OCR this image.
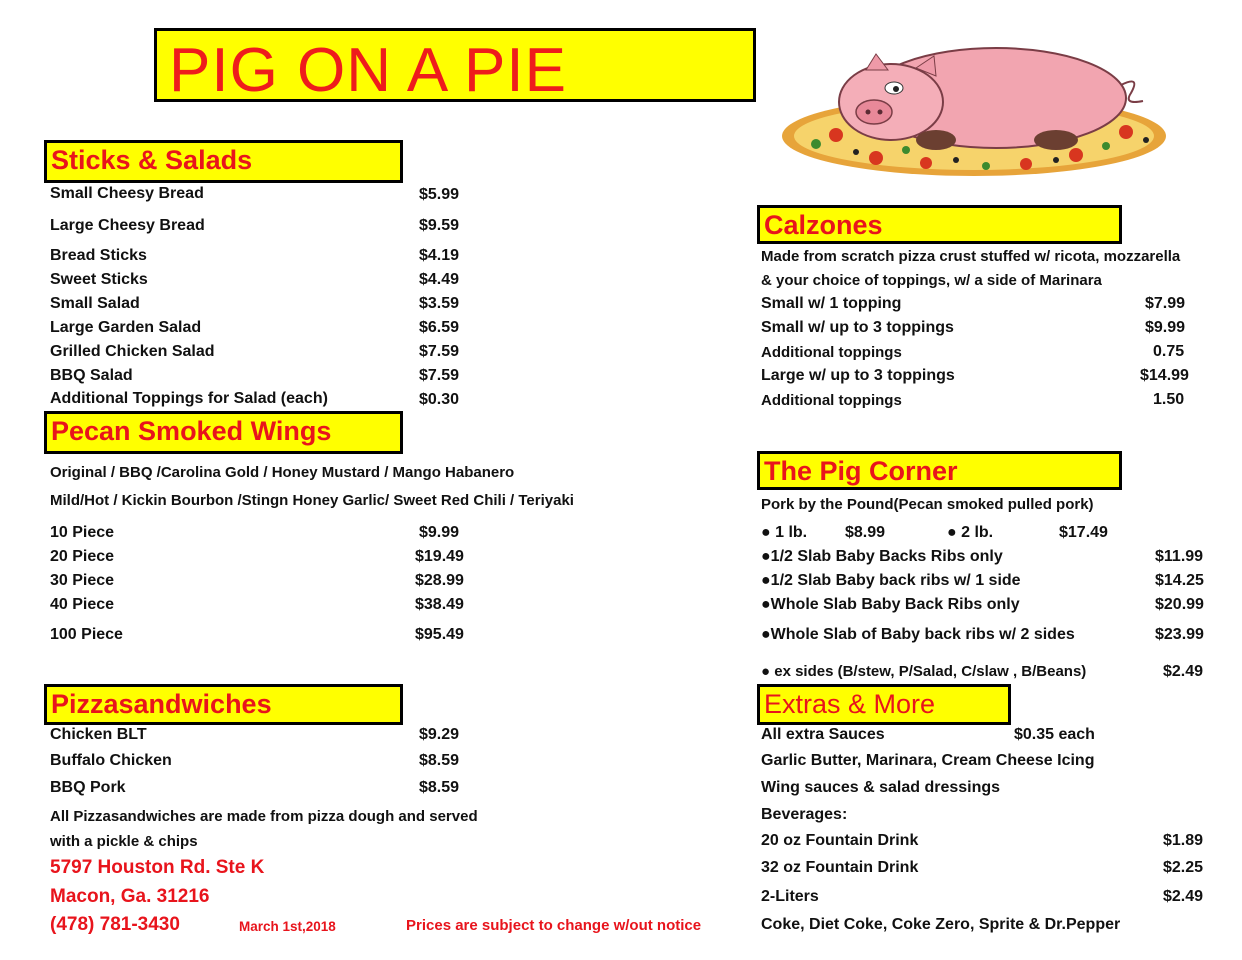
PIG ON A PIE
Sticks & Salads
Small Cheesy Bread	$5.99
Large Cheesy Bread	$9.59
Bread Sticks	$4.19
Sweet Sticks	$4.49
Small Salad	$3.59
Large Garden Salad	$6.59
Grilled Chicken Salad	$7.59
BBQ Salad	$7.59
Additional Toppings for Salad (each)	$0.30
Pecan Smoked Wings
Original / BBQ /Carolina Gold / Honey Mustard / Mango Habanero
Mild/Hot / Kickin Bourbon /Stingn Honey Garlic/ Sweet Red Chili / Teriyaki
10 Piece	$9.99
20 Piece	$19.49
30 Piece	$28.99
40 Piece	$38.49
100 Piece	$95.49
Pizzasandwiches
Chicken BLT	$9.29
Buffalo Chicken	$8.59
BBQ Pork	$8.59
All Pizzasandwiches are made from pizza dough and served
with a pickle & chips
5797 Houston Rd. Ste K
Macon, Ga. 31216
(478) 781-3430	March 1st,2018	Prices are subject to change w/out notice
Calzones
Made from scratch pizza crust stuffed w/ ricota, mozzarella
& your choice of toppings, w/ a side of Marinara
Small w/ 1 topping	$7.99
Small w/ up to 3 toppings	$9.99
Additional toppings	0.75
Large w/ up to 3 toppings	$14.99
Additional toppings	1.50
The Pig Corner
Pork by the Pound(Pecan smoked pulled pork)
● 1 lb. $8.99	● 2 lb.	$17.49
●1/2 Slab Baby Backs Ribs only	$11.99
●1/2 Slab Baby back ribs w/ 1 side	$14.25
●Whole Slab Baby Back Ribs only	$20.99
●Whole Slab of Baby back ribs w/ 2 sides	$23.99
● ex sides (B/stew, P/Salad, C/slaw , B/Beans)	$2.49
Extras & More
All extra Sauces	$0.35 each
Garlic Butter, Marinara, Cream Cheese Icing
Wing sauces & salad dressings
Beverages:
20 oz Fountain Drink	$1.89
32 oz Fountain Drink	$2.25
2-Liters	$2.49
Coke, Diet Coke, Coke Zero, Sprite & Dr.Pepper
